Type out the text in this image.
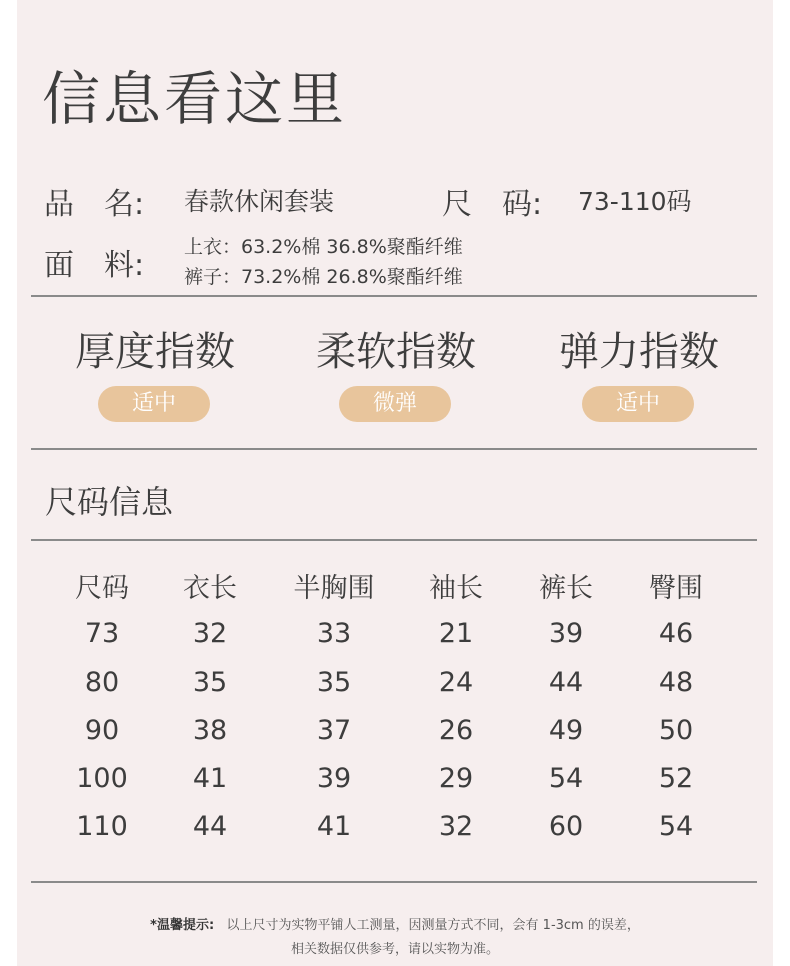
信息看这里
品　名: 春款休闲套装	尺　码: 73-110码
面　料:
上衣：63.2%棉 36.8%聚酯纤维
裤子：73.2%棉 26.8%聚酯纤维
厚度指数
适中
柔软指数
微弹
弹力指数
适中
尺码信息
尺码	衣长	半胸围	袖长	裤长	臀围
73	32	33	21	39	46
80	35	35	24	44	48
90	38	37	26	49	50
100	41	39	29	54	52
110	44	41	32	60	54
*温馨提示: 以上尺寸为实物平铺人工测量，因测量方式不同，会有 1-3cm 的误差，
相关数据仅供参考，请以实物为准。
